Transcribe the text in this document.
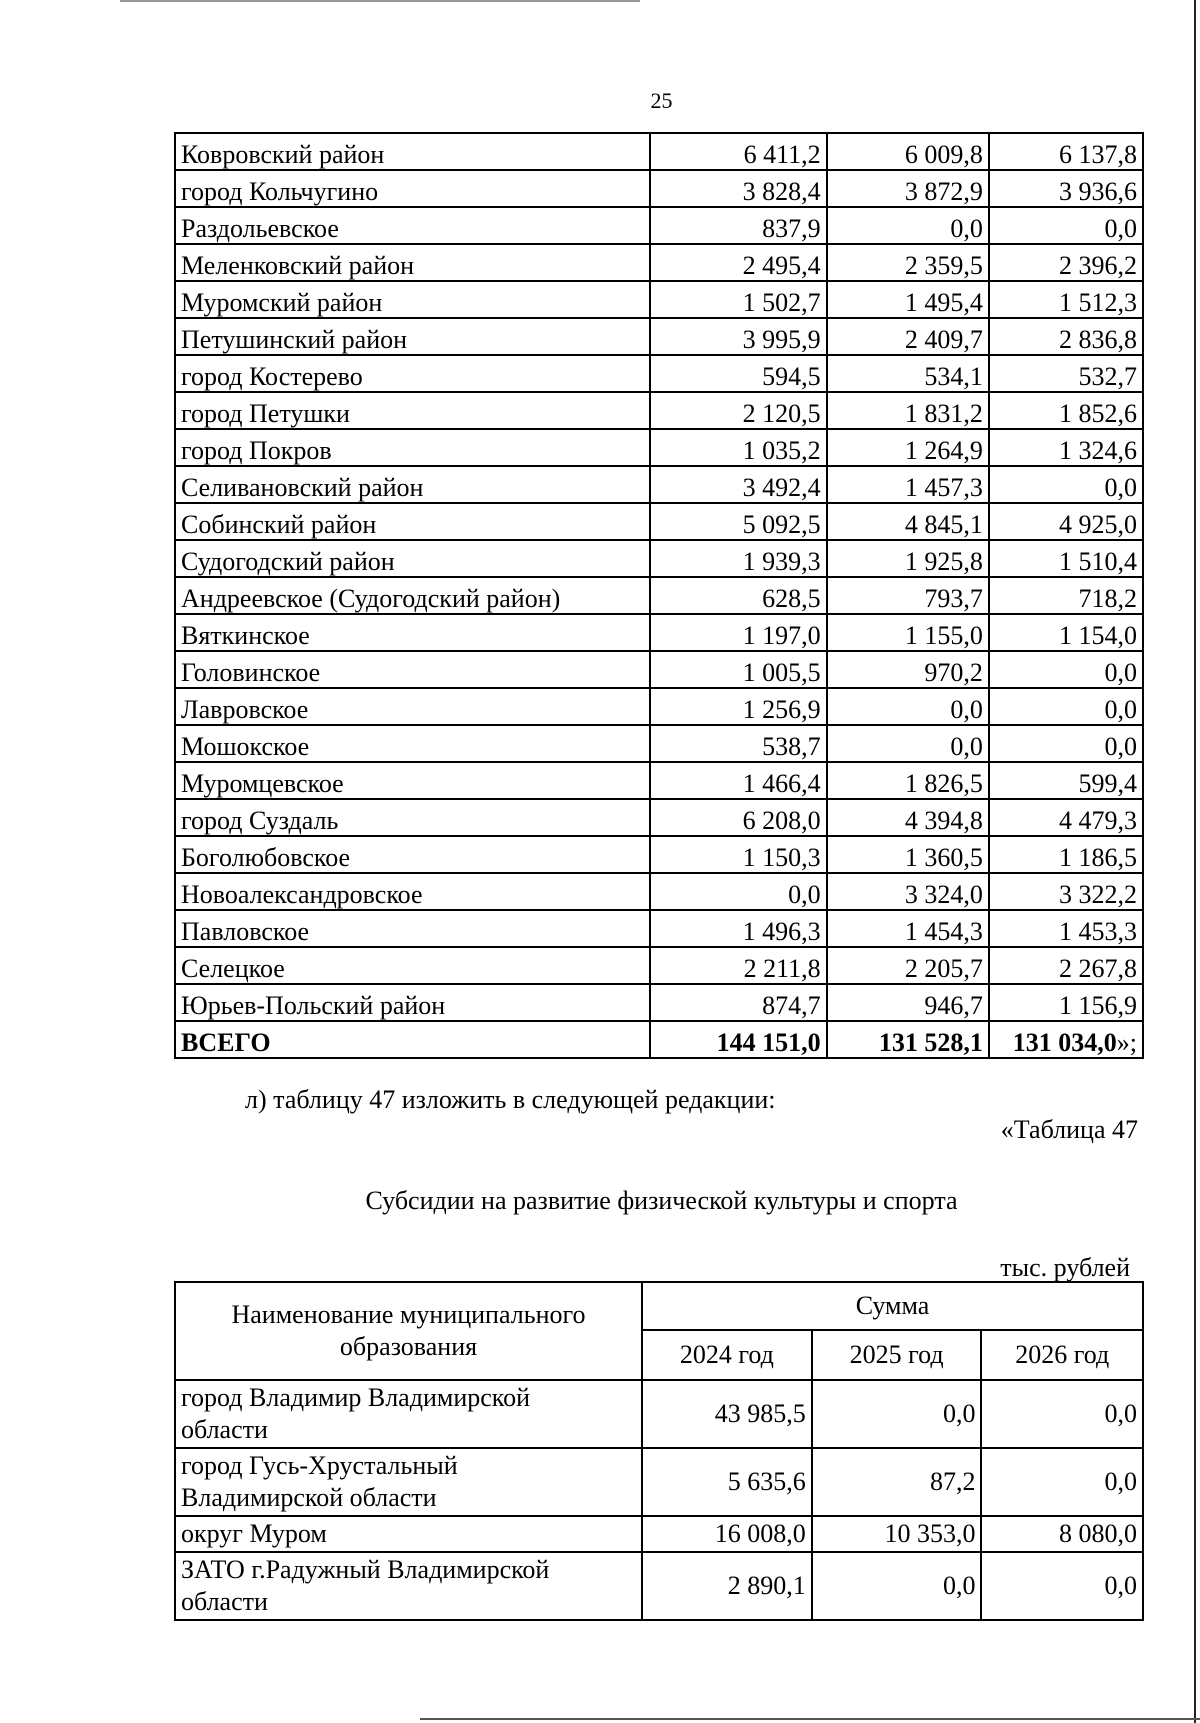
25
Ковровский район	6 411,2	6 009,8	6 137,8
город Кольчугино	3 828,4	3 872,9	3 936,6
Раздольевское	837,9	0,0	0,0
Меленковский район	2 495,4	2 359,5	2 396,2
Муромский район	1 502,7	1 495,4	1 512,3
Петушинский район	3 995,9	2 409,7	2 836,8
город Костерево	594,5	534,1	532,7
город Петушки	2 120,5	1 831,2	1 852,6
город Покров	1 035,2	1 264,9	1 324,6
Селивановский район	3 492,4	1 457,3	0,0
Собинский район	5 092,5	4 845,1	4 925,0
Судогодский район	1 939,3	1 925,8	1 510,4
Андреевское (Судогодский район)	628,5	793,7	718,2
Вяткинское	1 197,0	1 155,0	1 154,0
Головинское	1 005,5	970,2	0,0
Лавровское	1 256,9	0,0	0,0
Мошокское	538,7	0,0	0,0
Муромцевское	1 466,4	1 826,5	599,4
город Суздаль	6 208,0	4 394,8	4 479,3
Боголюбовское	1 150,3	1 360,5	1 186,5
Новоалександровское	0,0	3 324,0	3 322,2
Павловское	1 496,3	1 454,3	1 453,3
Селецкое	2 211,8	2 205,7	2 267,8
Юрьев-Польский район	874,7	946,7	1 156,9
ВСЕГО	144 151,0	131 528,1	131 034,0»;
л) таблицу 47 изложить в следующей редакции:
«Таблица 47
Субсидии на развитие физической культуры и спорта
тыс. рублей
Наименование муниципального
образования	Сумма		
	2024 год	2025 год	2026 год

город Владимир Владимирской
области	43 985,5	0,0	0,0

город Гусь-Хрустальный
Владимирской области	5 635,6	87,2	0,0
округ Муром	16 008,0	10 353,0	8 080,0

ЗАТО г.Радужный Владимирской
области	2 890,1	0,0	0,0
